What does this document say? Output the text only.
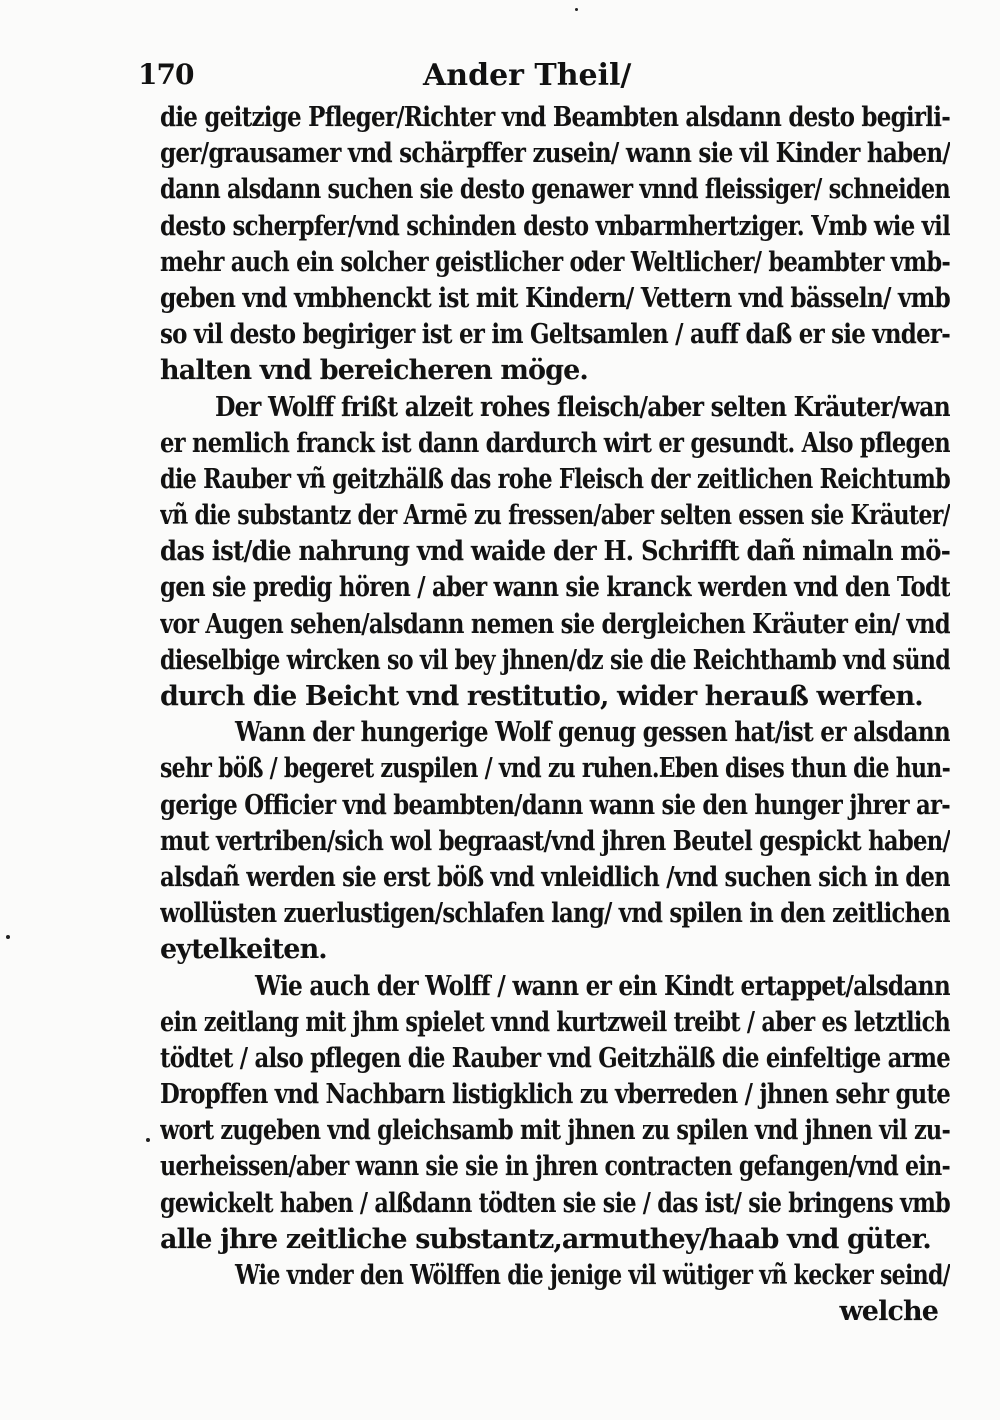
170	Ander Theil/
die geitzige Pfleger/Richter vnd Beambten alsdann desto begirli-
ger/grausamer vnd schärpffer zusein/ wann sie vil Kinder haben/
dann alsdann suchen sie desto genawer vnnd fleissiger/ schneiden
desto scherpfer/vnd schinden desto vnbarmhertziger. Vmb wie vil
mehr auch ein solcher geistlicher oder Weltlicher/ beambter vmb-
geben vnd vmbhenckt ist mit Kindern/ Vettern vnd bässeln/ vmb
so vil desto begiriger ist er im Geltsamlen / auff daß er sie vnder-
halten vnd bereicheren möge.
Der Wolff frißt alzeit rohes fleisch/aber selten Kräuter/wan
er nemlich franck ist dann dardurch wirt er gesundt. Also pflegen
die Rauber vñ geitzhälß das rohe Fleisch der zeitlichen Reichtumb
vñ die substantz der Armē zu fressen/aber selten essen sie Kräuter/
das ist/die nahrung vnd waide der H. Schrifft dañ nimaln mö-
gen sie predig hören / aber wann sie kranck werden vnd den Todt
vor Augen sehen/alsdann nemen sie dergleichen Kräuter ein/ vnd
dieselbige wircken so vil bey jhnen/dz sie die Reichthamb vnd sünd
durch die Beicht vnd restitutio, wider herauß werfen.
Wann der hungerige Wolf genug gessen hat/ist er alsdann
sehr böß / begeret zuspilen / vnd zu ruhen.Eben dises thun die hun-
gerige Officier vnd beambten/dann wann sie den hunger jhrer ar-
mut vertriben/sich wol begraast/vnd jhren Beutel gespickt haben/
alsdañ werden sie erst böß vnd vnleidlich /vnd suchen sich in den
wollüsten zuerlustigen/schlafen lang/ vnd spilen in den zeitlichen
eytelkeiten.
Wie auch der Wolff / wann er ein Kindt ertappet/alsdann
ein zeitlang mit jhm spielet vnnd kurtzweil treibt / aber es letztlich
tödtet / also pflegen die Rauber vnd Geitzhälß die einfeltige arme
Dropffen vnd Nachbarn listigklich zu vberreden / jhnen sehr gute
wort zugeben vnd gleichsamb mit jhnen zu spilen vnd jhnen vil zu-
uerheissen/aber wann sie sie in jhren contracten gefangen/vnd ein-
gewickelt haben / alßdann tödten sie sie / das ist/ sie bringens vmb
alle jhre zeitliche substantz,armuthey/haab vnd güter.
Wie vnder den Wölffen die jenige vil wütiger vñ kecker seind/
welche
